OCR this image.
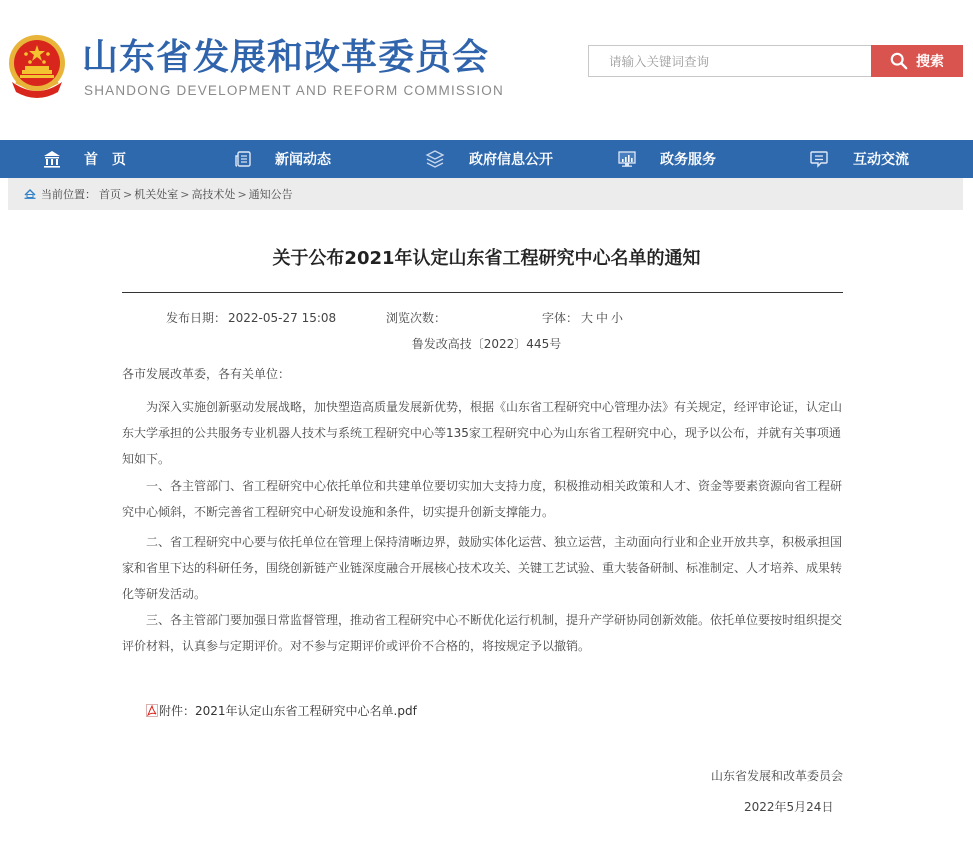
山东省发展和改革委员会
SHANDONG DEVELOPMENT AND REFORM COMMISSION
请输入关键词查询
搜索
首　页	新闻动态	政府信息公开	政务服务	互动交流
当前位置： 首页 > 机关处室 > 高技术处 > 通知公告
关于公布2021年认定山东省工程研究中心名单的通知
发布日期： 2022-05-27 15:08	浏览次数：	字体： 大 中 小
鲁发改高技〔2022〕445号
各市发展改革委，各有关单位：
为深入实施创新驱动发展战略，加快塑造高质量发展新优势，根据《山东省工程研究中心管理办法》有关规定，经评审论证，认定山东大学承担的公共服务专业机器人技术与系统工程研究中心等135家工程研究中心为山东省工程研究中心，现予以公布，并就有关事项通知如下。
一、各主管部门、省工程研究中心依托单位和共建单位要切实加大支持力度，积极推动相关政策和人才、资金等要素资源向省工程研究中心倾斜，不断完善省工程研究中心研发设施和条件，切实提升创新支撑能力。
二、省工程研究中心要与依托单位在管理上保持清晰边界，鼓励实体化运营、独立运营，主动面向行业和企业开放共享，积极承担国家和省里下达的科研任务，围绕创新链产业链深度融合开展核心技术攻关、关键工艺试验、重大装备研制、标准制定、人才培养、成果转化等研发活动。
三、各主管部门要加强日常监督管理，推动省工程研究中心不断优化运行机制，提升产学研协同创新效能。依托单位要按时组织提交评价材料，认真参与定期评价。对不参与定期评价或评价不合格的，将按规定予以撤销。
附件： 2021年认定山东省工程研究中心名单.pdf
山东省发展和改革委员会
2022年5月24日
